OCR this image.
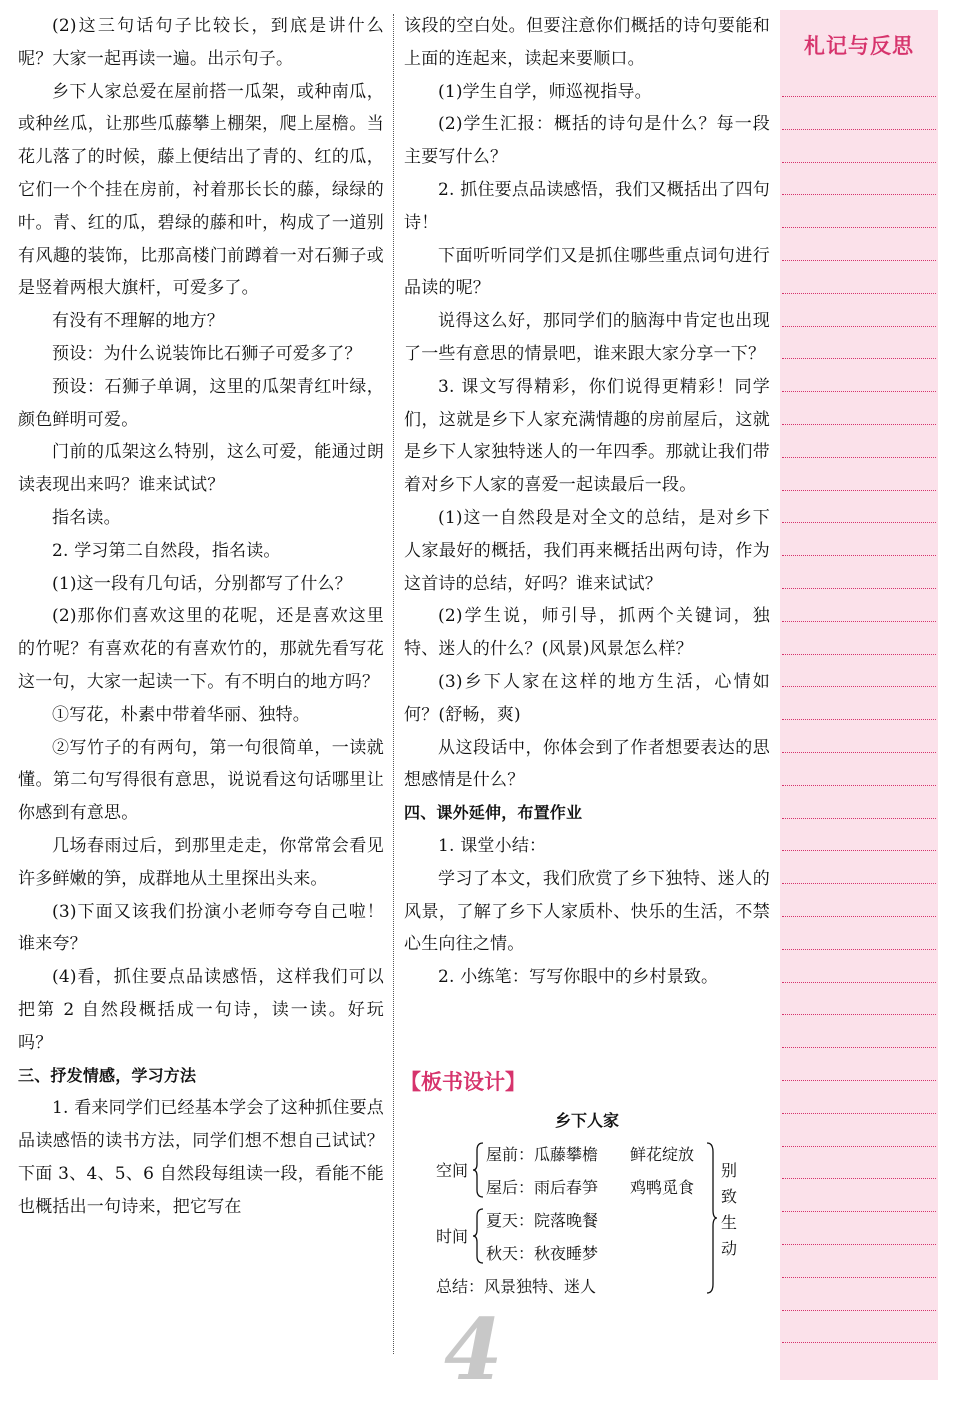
(2)这三句话句子比较长，到底是讲什么呢？大家一起再读一遍。出示句子。

乡下人家总爱在屋前搭一瓜架，或种南瓜，或种丝瓜，让那些瓜藤攀上棚架，爬上屋檐。当花儿落了的时候，藤上便结出了青的、红的瓜，它们一个个挂在房前，衬着那长长的藤，绿绿的叶。青、红的瓜，碧绿的藤和叶，构成了一道别有风趣的装饰，比那高楼门前蹲着一对石狮子或是竖着两根大旗杆，可爱多了。

有没有不理解的地方？

预设：为什么说装饰比石狮子可爱多了？

预设：石狮子单调，这里的瓜架青红叶绿，颜色鲜明可爱。

门前的瓜架这么特别，这么可爱，能通过朗读表现出来吗？谁来试试？

指名读。

2. 学习第二自然段，指名读。

(1)这一段有几句话，分别都写了什么？

(2)那你们喜欢这里的花呢，还是喜欢这里的竹呢？有喜欢花的有喜欢竹的，那就先看写花这一句，大家一起读一下。有不明白的地方吗？

①写花，朴素中带着华丽、独特。

②写竹子的有两句，第一句很简单，一读就懂。第二句写得很有意思，说说看这句话哪里让你感到有意思。

几场春雨过后，到那里走走，你常常会看见许多鲜嫩的笋，成群地从土里探出头来。

(3)下面又该我们扮演小老师夸夸自己啦！谁来夸？

(4)看，抓住要点品读感悟，这样我们可以把第 2 自然段概括成一句诗，读一读。好玩吗？

三、抒发情感，学习方法

1. 看来同学们已经基本学会了这种抓住要点品读感悟的读书方法，同学们想不想自己试试？下面 3、4、5、6 自然段每组读一段，看能不能也概括出一句诗来，把它写在

该段的空白处。但要注意你们概括的诗句要能和上面的连起来，读起来要顺口。

(1)学生自学，师巡视指导。

(2)学生汇报：概括的诗句是什么？每一段主要写什么？

2. 抓住要点品读感悟，我们又概括出了四句诗！

下面听听同学们又是抓住哪些重点词句进行品读的呢？

说得这么好，那同学们的脑海中肯定也出现了一些有意思的情景吧，谁来跟大家分享一下？

3. 课文写得精彩，你们说得更精彩！同学们，这就是乡下人家充满情趣的房前屋后，这就是乡下人家独特迷人的一年四季。那就让我们带着对乡下人家的喜爱一起读最后一段。

(1)这一自然段是对全文的总结，是对乡下人家最好的概括，我们再来概括出两句诗，作为这首诗的总结，好吗？谁来试试？

(2)学生说，师引导，抓两个关键词，独特、迷人的什么？(风景)风景怎么样？

(3)乡下人家在这样的地方生活，心情如何？(舒畅，爽)

从这段话中，你体会到了作者想要表达的思想感情是什么？

四、课外延伸，布置作业

1. 课堂小结：

学习了本文，我们欣赏了乡下独特、迷人的风景，了解了乡下人家质朴、快乐的生活，不禁心生向往之情。

2. 小练笔：写写你眼中的乡村景致。

札记与反思
【板书设计】
乡下人家
空间
屋前：瓜藤攀檐 鲜花绽放
屋后：雨后春笋 鸡鸭觅食
时间
夏天：院落晚餐
秋天：秋夜睡梦
总结：风景独特、迷人
别
致
生
动
4
